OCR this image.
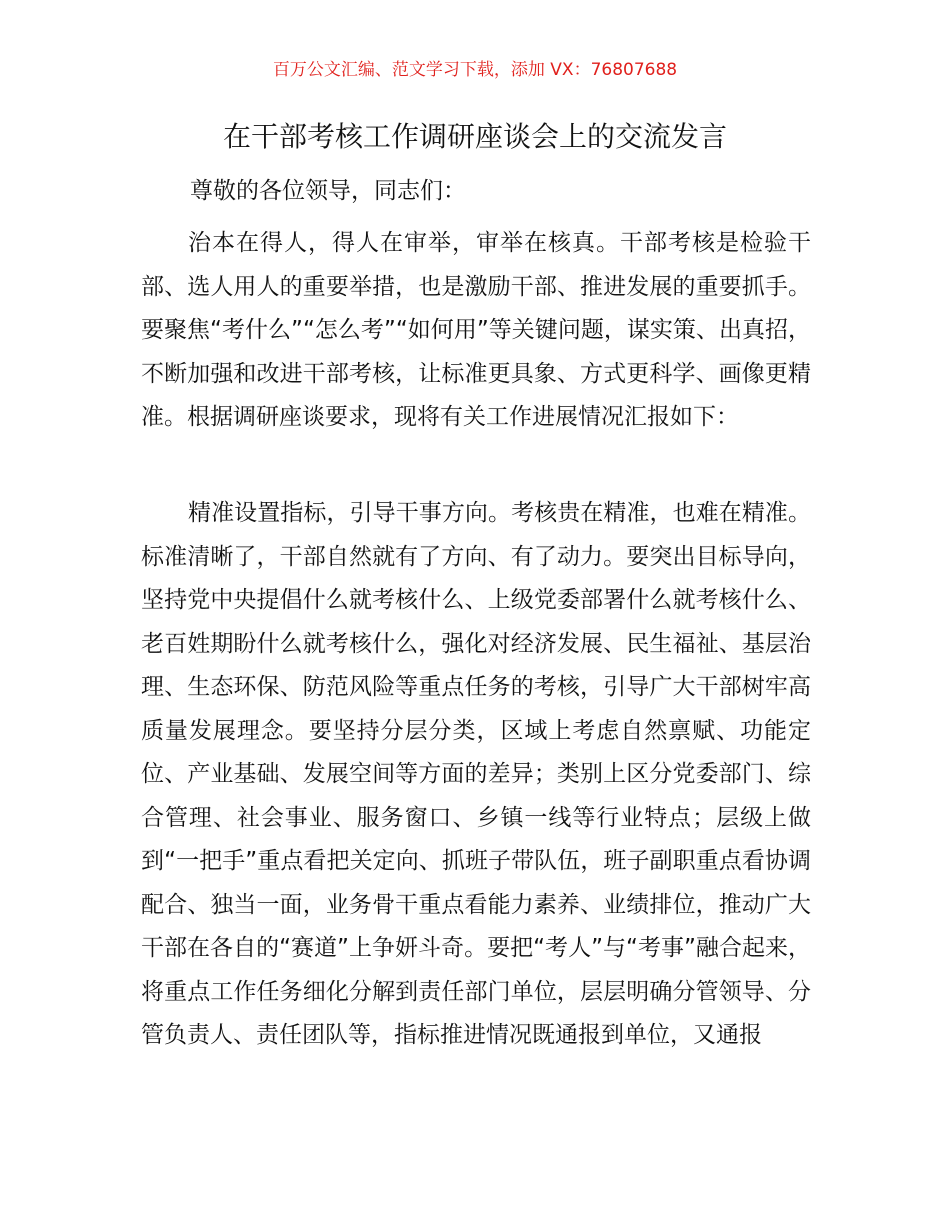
百万公文汇编、范文学习下载，添加 VX：76807688
在干部考核工作调研座谈会上的交流发言
尊敬的各位领导，同志们：

治本在得人，得人在审举，审举在核真。干部考核是检验干部、选人用人的重要举措，也是激励干部、推进发展的重要抓手。要聚焦“考什么”“怎么考”“如何用”等关键问题，谋实策、出真招，不断加强和改进干部考核，让标准更具象、方式更科学、画像更精准。根据调研座谈要求，现将有关工作进展情况汇报如下：

精准设置指标，引导干事方向。考核贵在精准，也难在精准。标准清晰了，干部自然就有了方向、有了动力。要突出目标导向，坚持党中央提倡什么就考核什么、上级党委部署什么就考核什么、老百姓期盼什么就考核什么，强化对经济发展、民生福祉、基层治理、生态环保、防范风险等重点任务的考核，引导广大干部树牢高质量发展理念。要坚持分层分类，区域上考虑自然禀赋、功能定位、产业基础、发展空间等方面的差异；类别上区分党委部门、综合管理、社会事业、服务窗口、乡镇一线等行业特点；层级上做到“一把手”重点看把关定向、抓班子带队伍，班子副职重点看协调配合、独当一面，业务骨干重点看能力素养、业绩排位，推动广大干部在各自的“赛道”上争妍斗奇。要把“考人”与“考事”融合起来，将重点工作任务细化分解到责任部门单位，层层明确分管领导、分管负责人、责任团队等，指标推进情况既通报到单位，又通报
